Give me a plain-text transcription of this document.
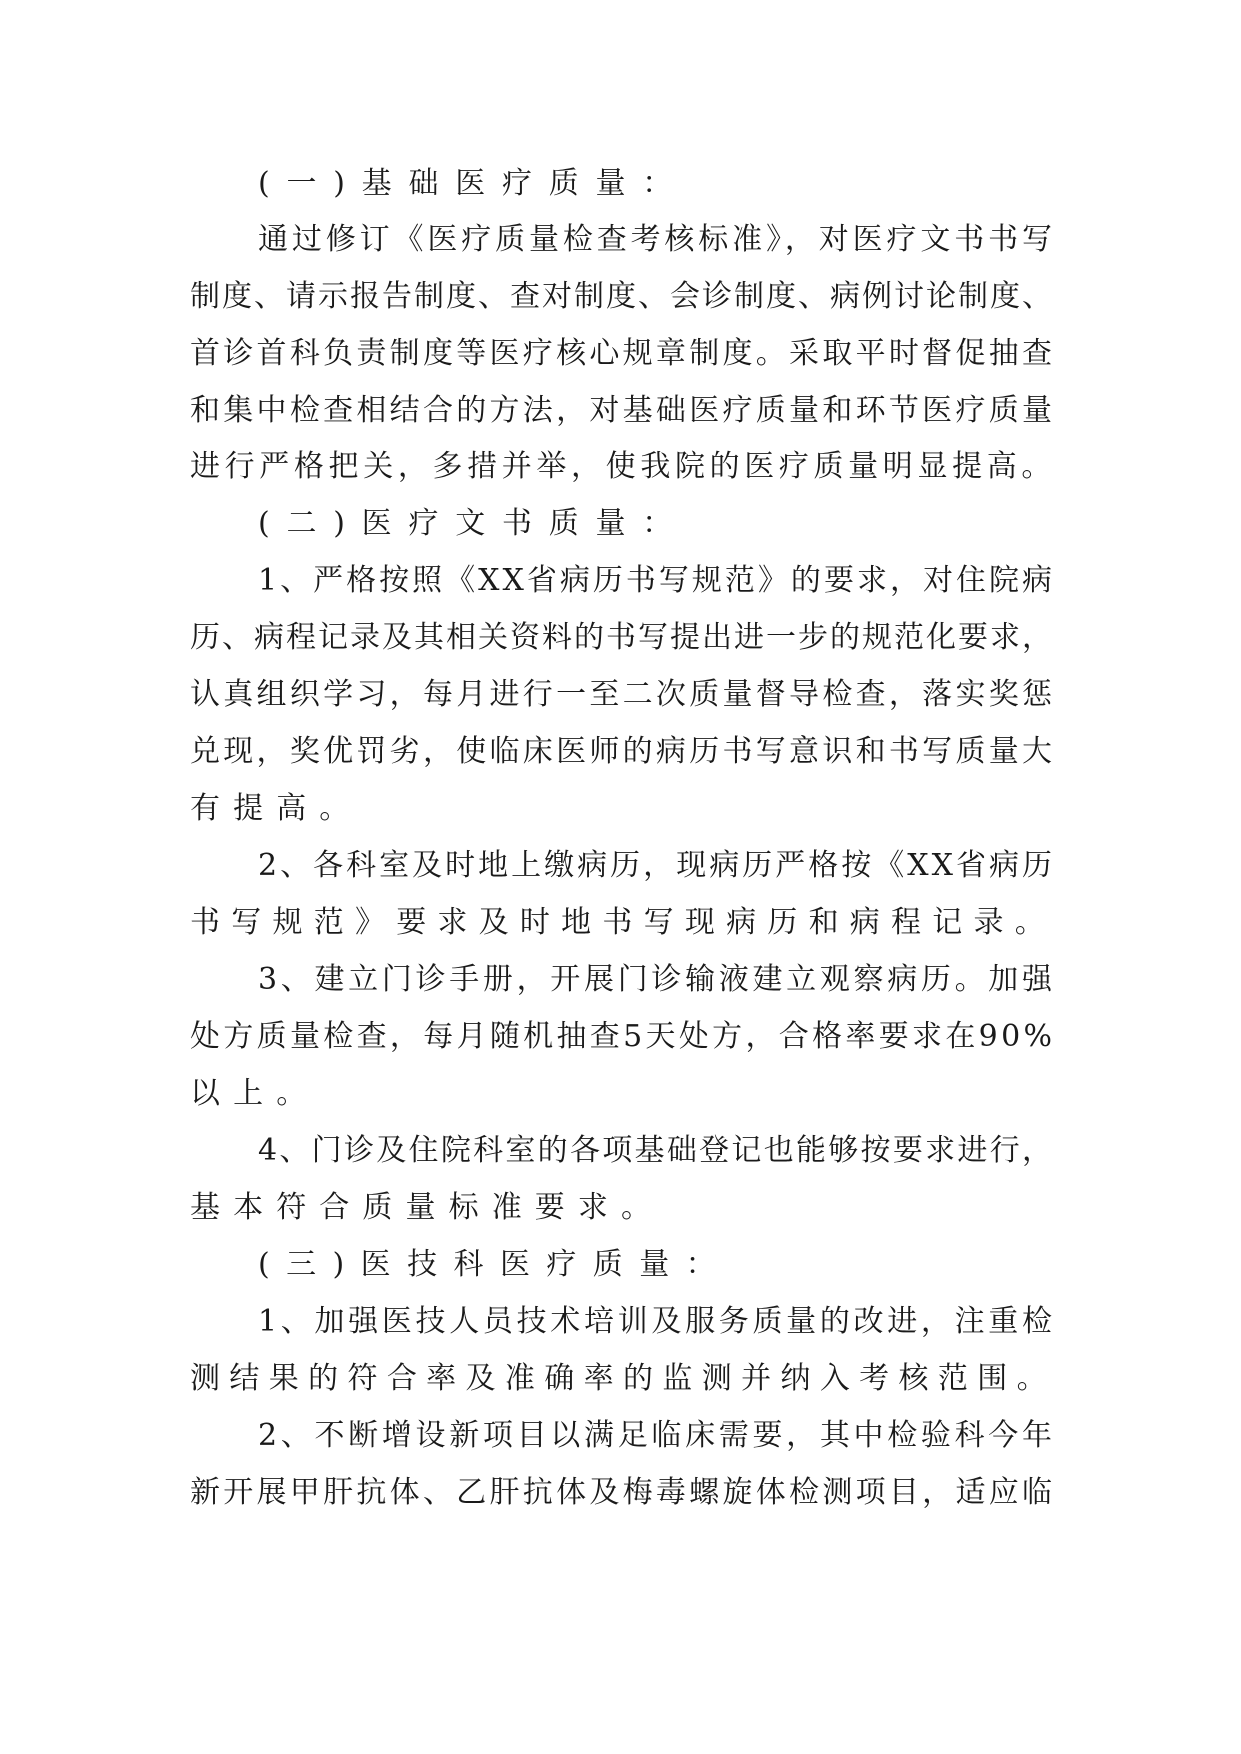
(一)基础医疗质量：
通过修订《医疗质量检查考核标准》，对医疗文书书写
制度、请示报告制度、查对制度、会诊制度、病例讨论制度、
首诊首科负责制度等医疗核心规章制度。采取平时督促抽查
和集中检查相结合的方法，对基础医疗质量和环节医疗质量
进行严格把关，多措并举，使我院的医疗质量明显提高。
(二)医疗文书质量：
1、严格按照《XX省病历书写规范》的要求，对住院病
历、病程记录及其相关资料的书写提出进一步的规范化要求，
认真组织学习，每月进行一至二次质量督导检查，落实奖惩
兑现，奖优罚劣，使临床医师的病历书写意识和书写质量大
有提高。
2、各科室及时地上缴病历，现病历严格按《XX省病历
书写规范》要求及时地书写现病历和病程记录。
3、建立门诊手册，开展门诊输液建立观察病历。加强
处方质量检查，每月随机抽查5天处方，合格率要求在90%
以上。
4、门诊及住院科室的各项基础登记也能够按要求进行，
基本符合质量标准要求。
(三)医技科医疗质量：
1、加强医技人员技术培训及服务质量的改进，注重检
测结果的符合率及准确率的监测并纳入考核范围。
2、不断增设新项目以满足临床需要，其中检验科今年
新开展甲肝抗体、乙肝抗体及梅毒螺旋体检测项目，适应临
